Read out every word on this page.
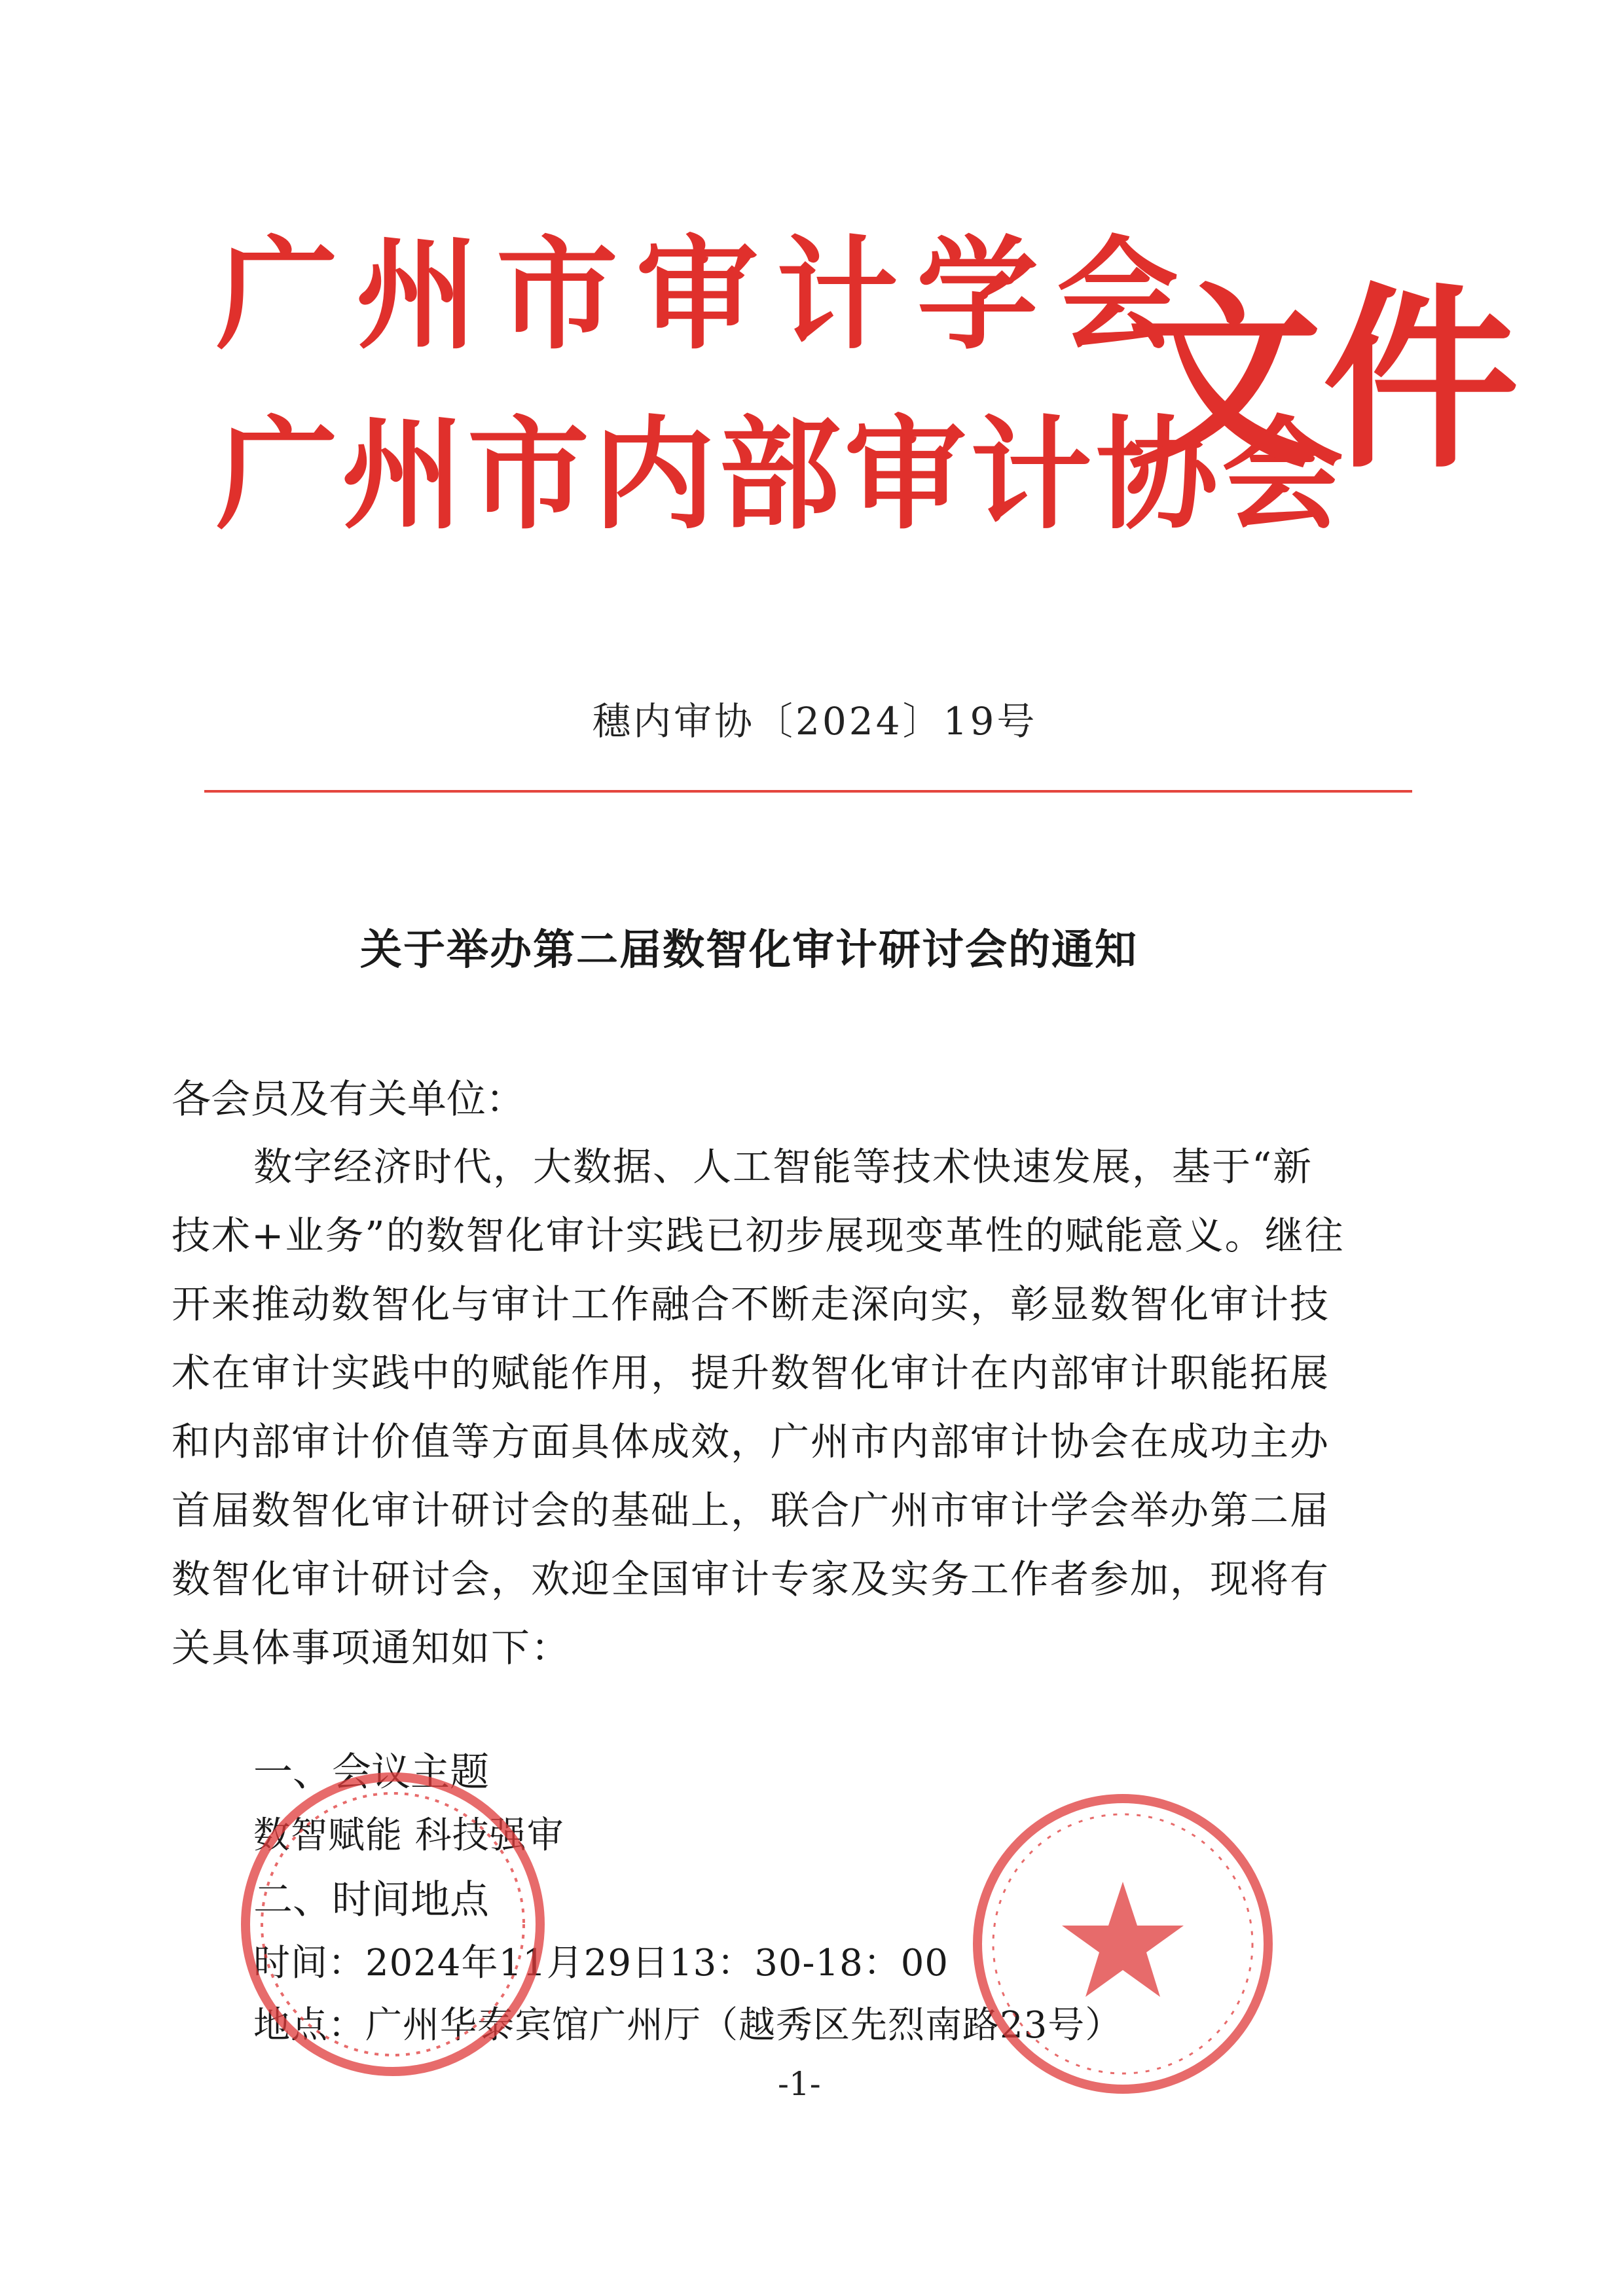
广州市审计学会
广州市内部审计协会
文件
穗内审协〔2024〕19号
关于举办第二届数智化审计研讨会的通知
各会员及有关单位：
数字经济时代，大数据、人工智能等技术快速发展，基于“新
技术+业务”的数智化审计实践已初步展现变革性的赋能意义。继往
开来推动数智化与审计工作融合不断走深向实，彰显数智化审计技
术在审计实践中的赋能作用，提升数智化审计在内部审计职能拓展
和内部审计价值等方面具体成效，广州市内部审计协会在成功主办
首届数智化审计研讨会的基础上，联合广州市审计学会举办第二届
数智化审计研讨会，欢迎全国审计专家及实务工作者参加，现将有
关具体事项通知如下：
一、会议主题
数智赋能 科技强审
二、时间地点
时间：2024年11月29日13：30-18：00
地点：广州华泰宾馆广州厅（越秀区先烈南路23号）
-1-
